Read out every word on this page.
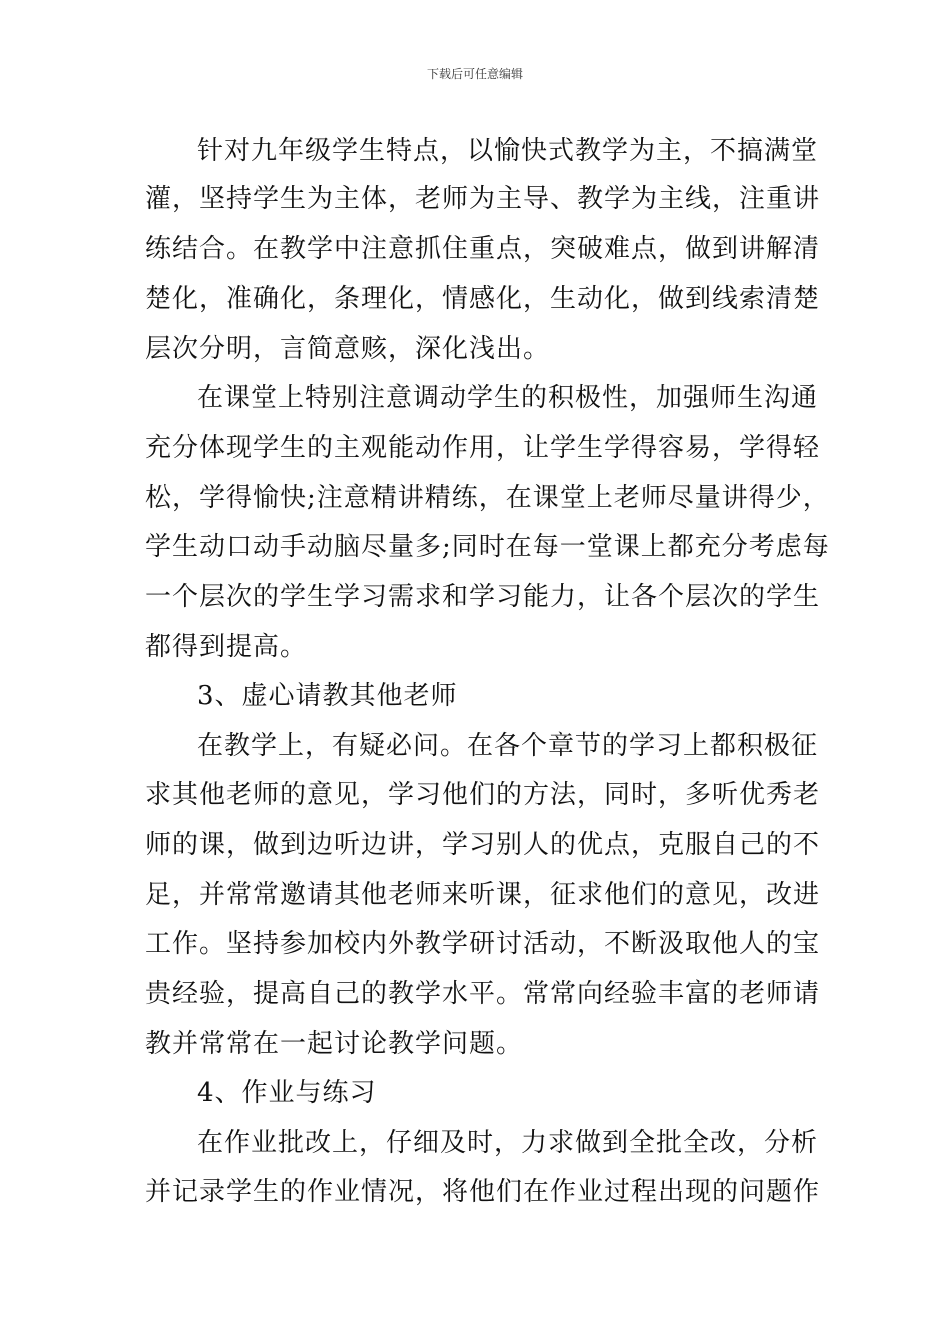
下载后可任意编辑
针对九年级学生特点，以愉快式教学为主，不搞满堂
灌，坚持学生为主体，老师为主导、教学为主线，注重讲
练结合。在教学中注意抓住重点，突破难点，做到讲解清
楚化，准确化，条理化，情感化，生动化，做到线索清楚
层次分明，言简意赅，深化浅出。
在课堂上特别注意调动学生的积极性，加强师生沟通
充分体现学生的主观能动作用，让学生学得容易，学得轻
松，学得愉快;注意精讲精练，在课堂上老师尽量讲得少，
学生动口动手动脑尽量多;同时在每一堂课上都充分考虑每
一个层次的学生学习需求和学习能力，让各个层次的学生
都得到提高。
3、虚心请教其他老师
在教学上，有疑必问。在各个章节的学习上都积极征
求其他老师的意见，学习他们的方法，同时，多听优秀老
师的课，做到边听边讲，学习别人的优点，克服自己的不
足，并常常邀请其他老师来听课，征求他们的意见，改进
工作。坚持参加校内外教学研讨活动，不断汲取他人的宝
贵经验，提高自己的教学水平。常常向经验丰富的老师请
教并常常在一起讨论教学问题。
4、作业与练习
在作业批改上，仔细及时，力求做到全批全改，分析
并记录学生的作业情况，将他们在作业过程出现的问题作
